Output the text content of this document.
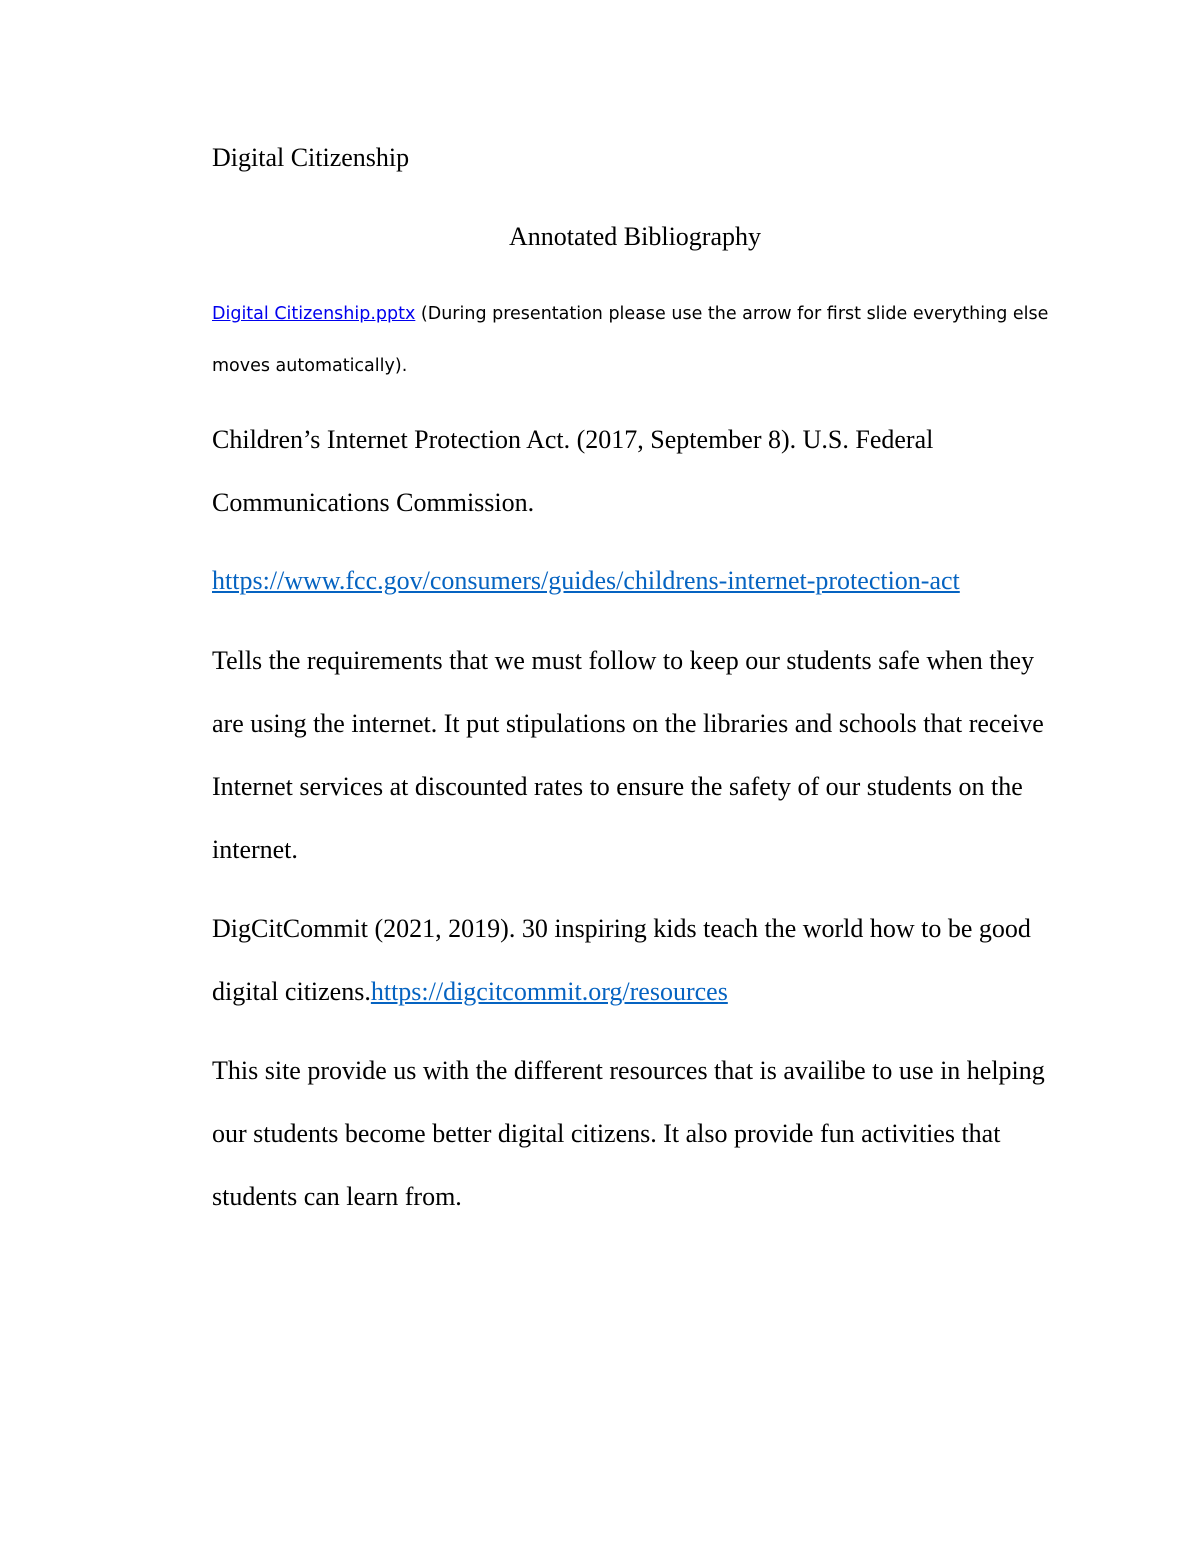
Digital Citizenship

Annotated Bibliography

Digital Citizenship.pptx (During presentation please use the arrow for first slide everything else moves automatically).

Children’s Internet Protection Act. (2017, September 8). U.S. Federal Communications Commission.

https://www.fcc.gov/consumers/guides/childrens-internet-protection-act

Tells the requirements that we must follow to keep our students safe when they are using the internet. It put stipulations on the libraries and schools that receive Internet services at discounted rates to ensure the safety of our students on the internet.

DigCitCommit (2021, 2019). 30 inspiring kids teach the world how to be good digital citizens.https://digcitcommit.org/resources

This site provide us with the different resources that is availibe to use in helping our students become better digital citizens. It also provide fun activities that students can learn from.
